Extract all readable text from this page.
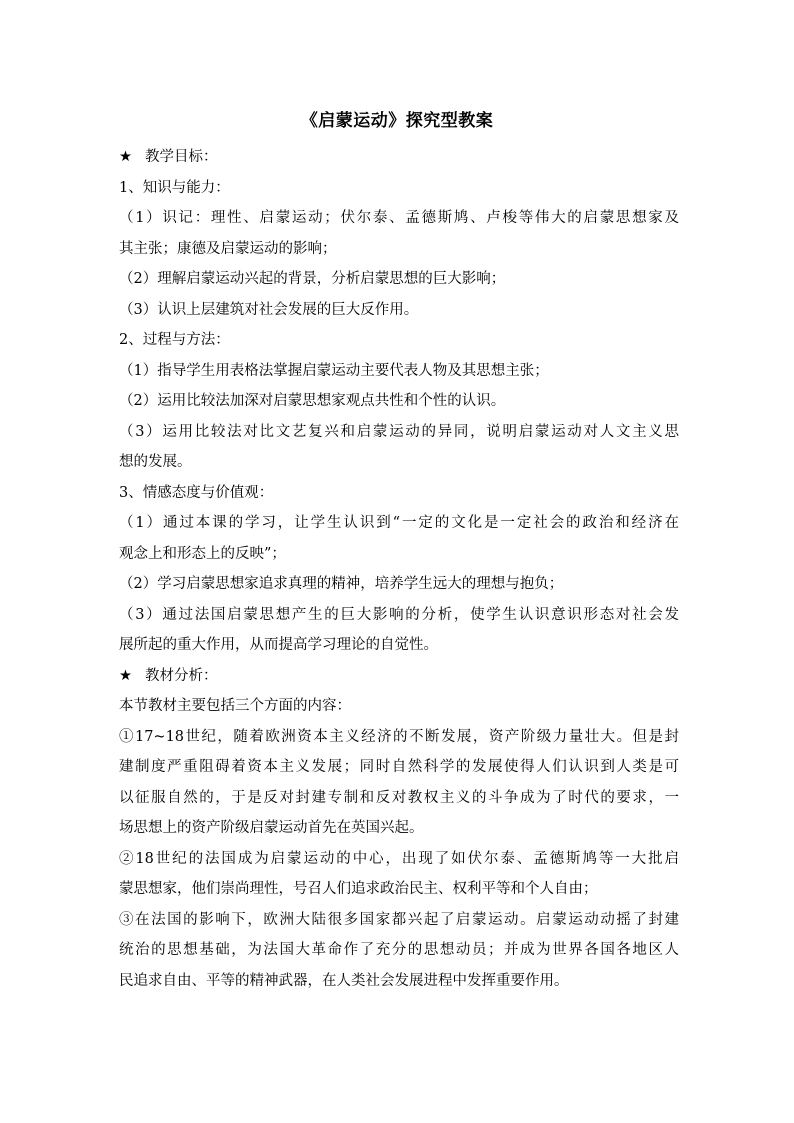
《启蒙运动》探究型教案
★ 教学目标：
1、知识与能力：
（1）识记：理性、启蒙运动；伏尔泰、孟德斯鸠、卢梭等伟大的启蒙思想家及
其主张；康德及启蒙运动的影响；
（2）理解启蒙运动兴起的背景，分析启蒙思想的巨大影响；
（3）认识上层建筑对社会发展的巨大反作用。
2、过程与方法：
（1）指导学生用表格法掌握启蒙运动主要代表人物及其思想主张；
（2）运用比较法加深对启蒙思想家观点共性和个性的认识。
（3）运用比较法对比文艺复兴和启蒙运动的异同，说明启蒙运动对人文主义思
想的发展。
3、情感态度与价值观：
（1）通过本课的学习，让学生认识到“一定的文化是一定社会的政治和经济在
观念上和形态上的反映”；
（2）学习启蒙思想家追求真理的精神，培养学生远大的理想与抱负；
（3）通过法国启蒙思想产生的巨大影响的分析，使学生认识意识形态对社会发
展所起的重大作用，从而提高学习理论的自觉性。
★ 教材分析：
本节教材主要包括三个方面的内容：
①17~18世纪，随着欧洲资本主义经济的不断发展，资产阶级力量壮大。但是封
建制度严重阻碍着资本主义发展；同时自然科学的发展使得人们认识到人类是可
以征服自然的，于是反对封建专制和反对教权主义的斗争成为了时代的要求，一
场思想上的资产阶级启蒙运动首先在英国兴起。
②18世纪的法国成为启蒙运动的中心，出现了如伏尔泰、孟德斯鸠等一大批启
蒙思想家，他们崇尚理性，号召人们追求政治民主、权利平等和个人自由；
③在法国的影响下，欧洲大陆很多国家都兴起了启蒙运动。启蒙运动动摇了封建
统治的思想基础，为法国大革命作了充分的思想动员；并成为世界各国各地区人
民追求自由、平等的精神武器，在人类社会发展进程中发挥重要作用。
